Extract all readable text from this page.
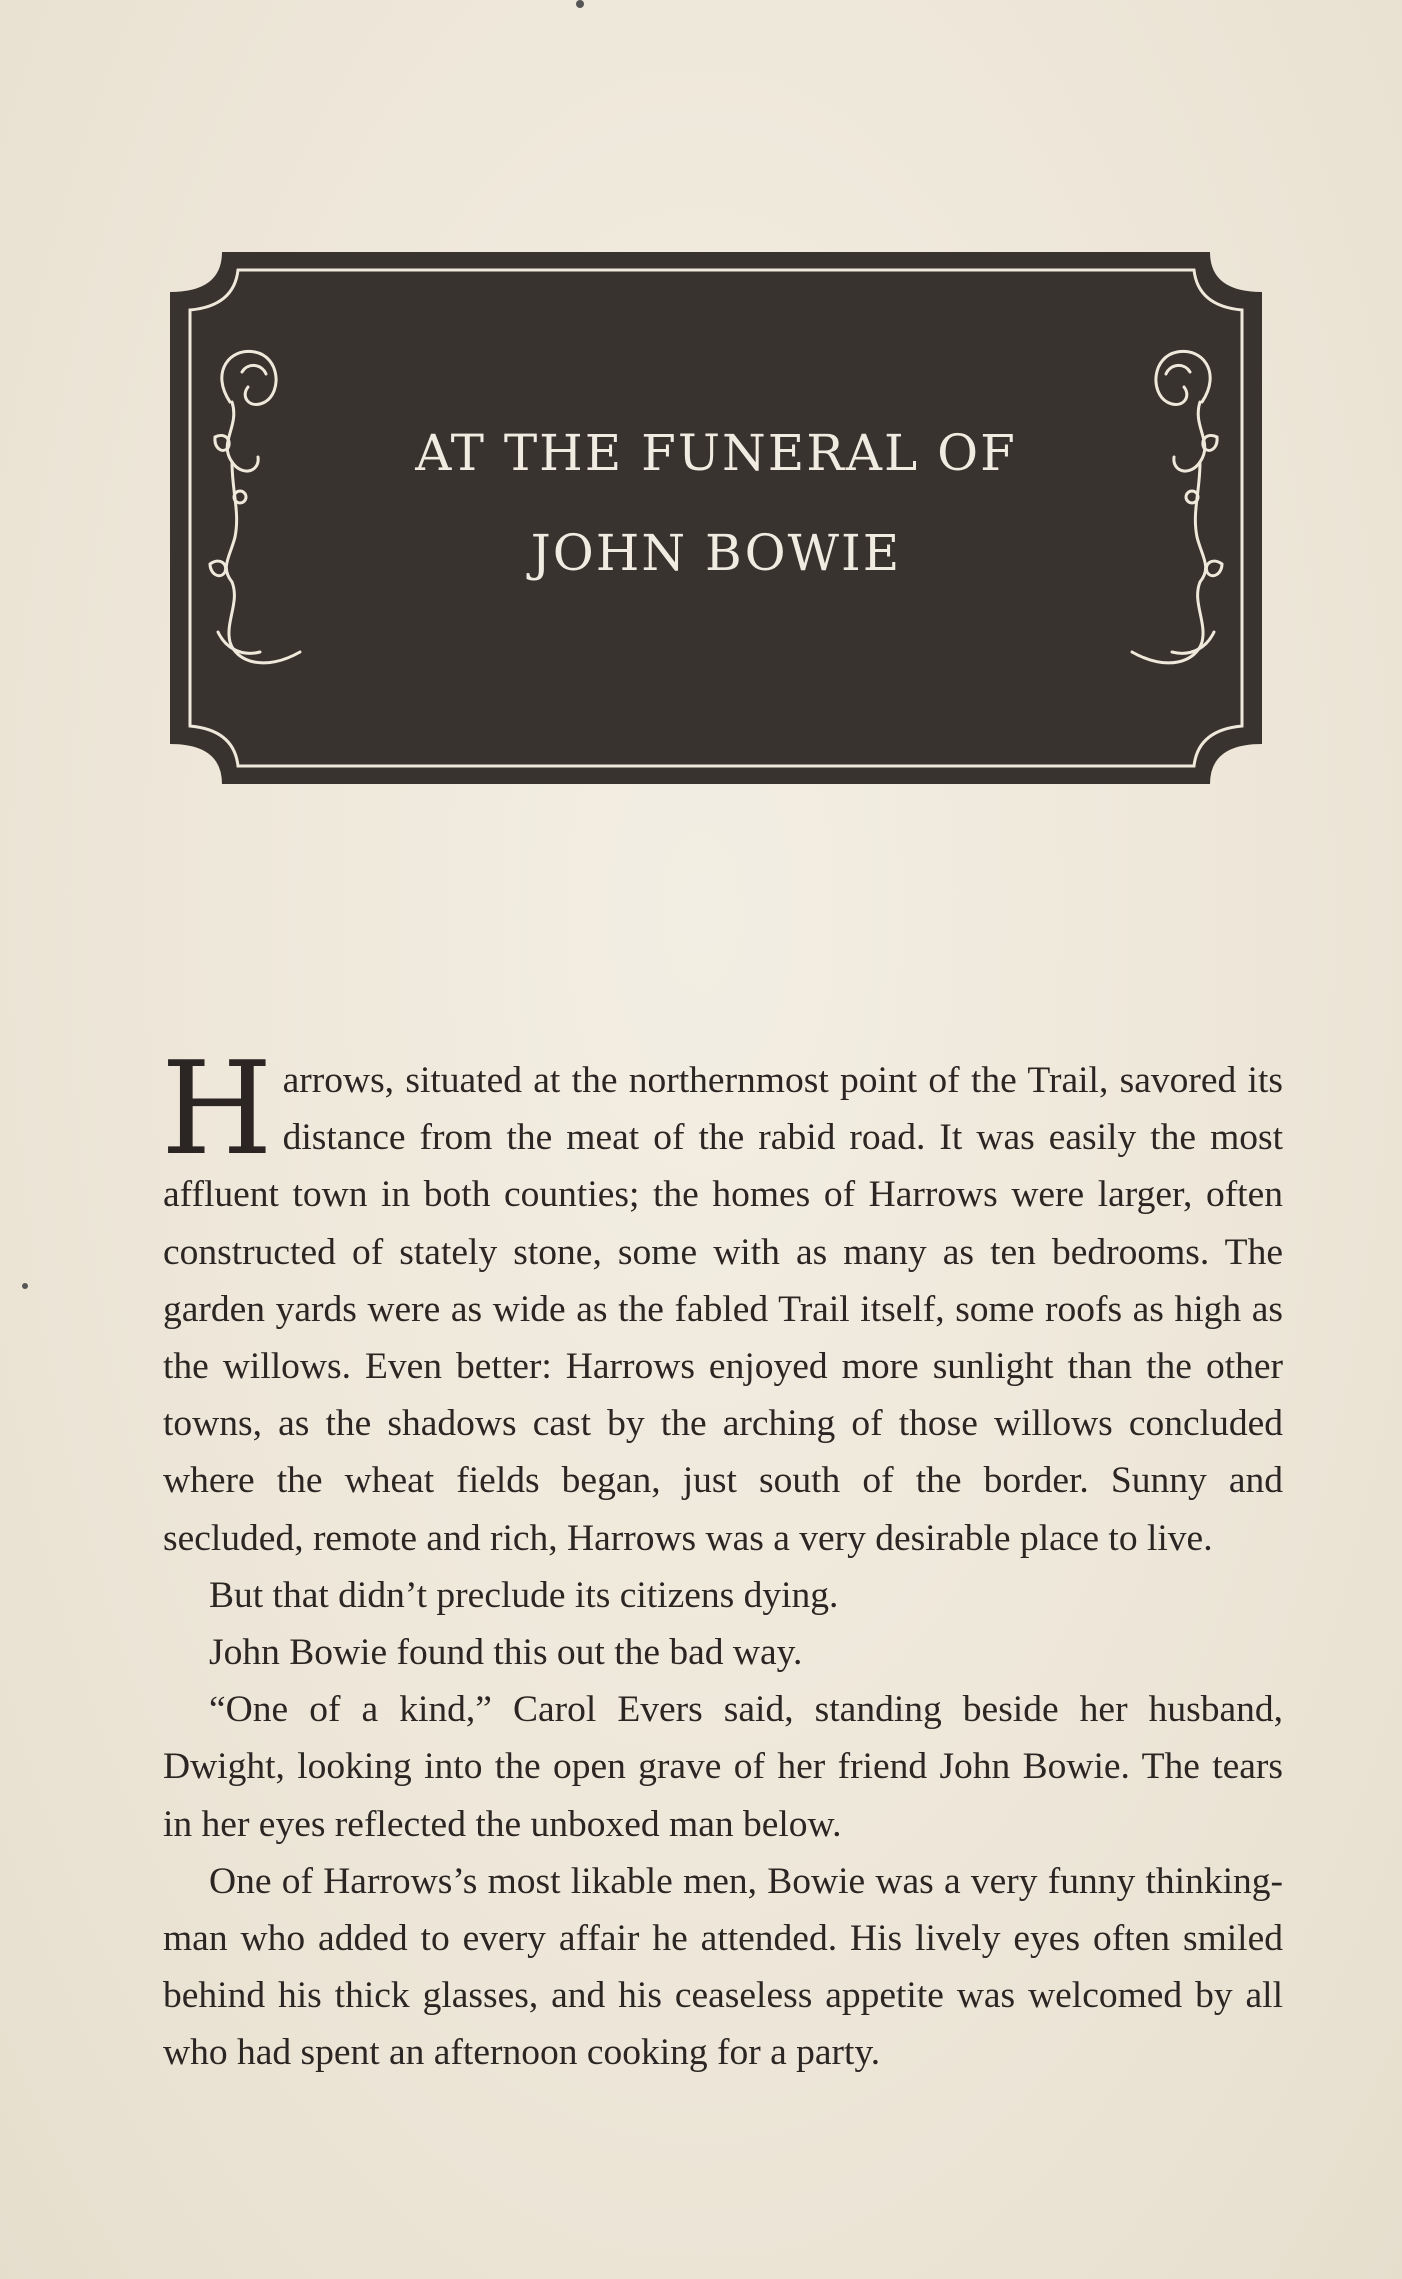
AT THE FUNERAL OF
JOHN BOWIE

Harrows, situated at the northernmost point of the Trail, savored its distance from the meat of the rabid road. It was easily the most affluent town in both counties; the homes of Harrows were larger, often constructed of stately stone, some with as many as ten bedrooms. The garden yards were as wide as the fabled Trail itself, some roofs as high as the willows. Even better: Harrows enjoyed more sunlight than the other towns, as the shadows cast by the arching of those willows concluded where the wheat fields began, just south of the border. Sunny and secluded, remote and rich, Harrows was a very desirable place to live.

But that didn’t preclude its citizens dying.

John Bowie found this out the bad way.

“One of a kind,” Carol Evers said, standing beside her husband, Dwight, looking into the open grave of her friend John Bowie. The tears in her eyes reflected the unboxed man below.

One of Harrows’s most likable men, Bowie was a very funny thinking-man who added to every affair he attended. His lively eyes often smiled behind his thick glasses, and his ceaseless appetite was welcomed by all who had spent an afternoon cooking for a party.
